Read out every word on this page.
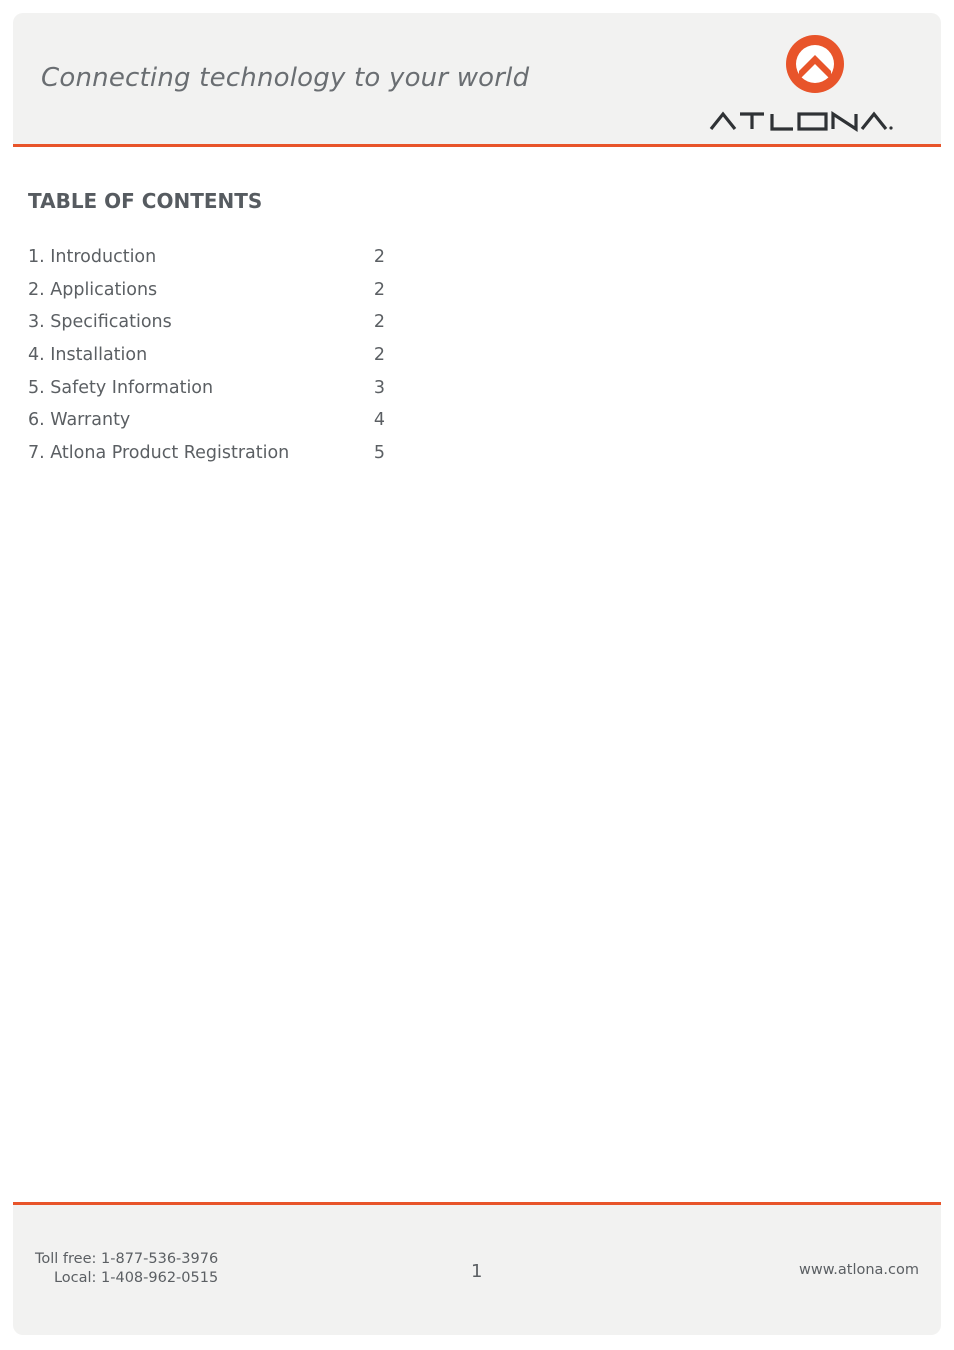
Connecting technology to your world
TABLE OF CONTENTS
1. Introduction	2
2. Applications	2
3. Specifications	2
4. Installation	2
5. Safety Information	3
6. Warranty	4
7. Atlona Product Registration	5
Toll free: 1-877-536-3976
Local: 1-408-962-0515	1	www.atlona.com
